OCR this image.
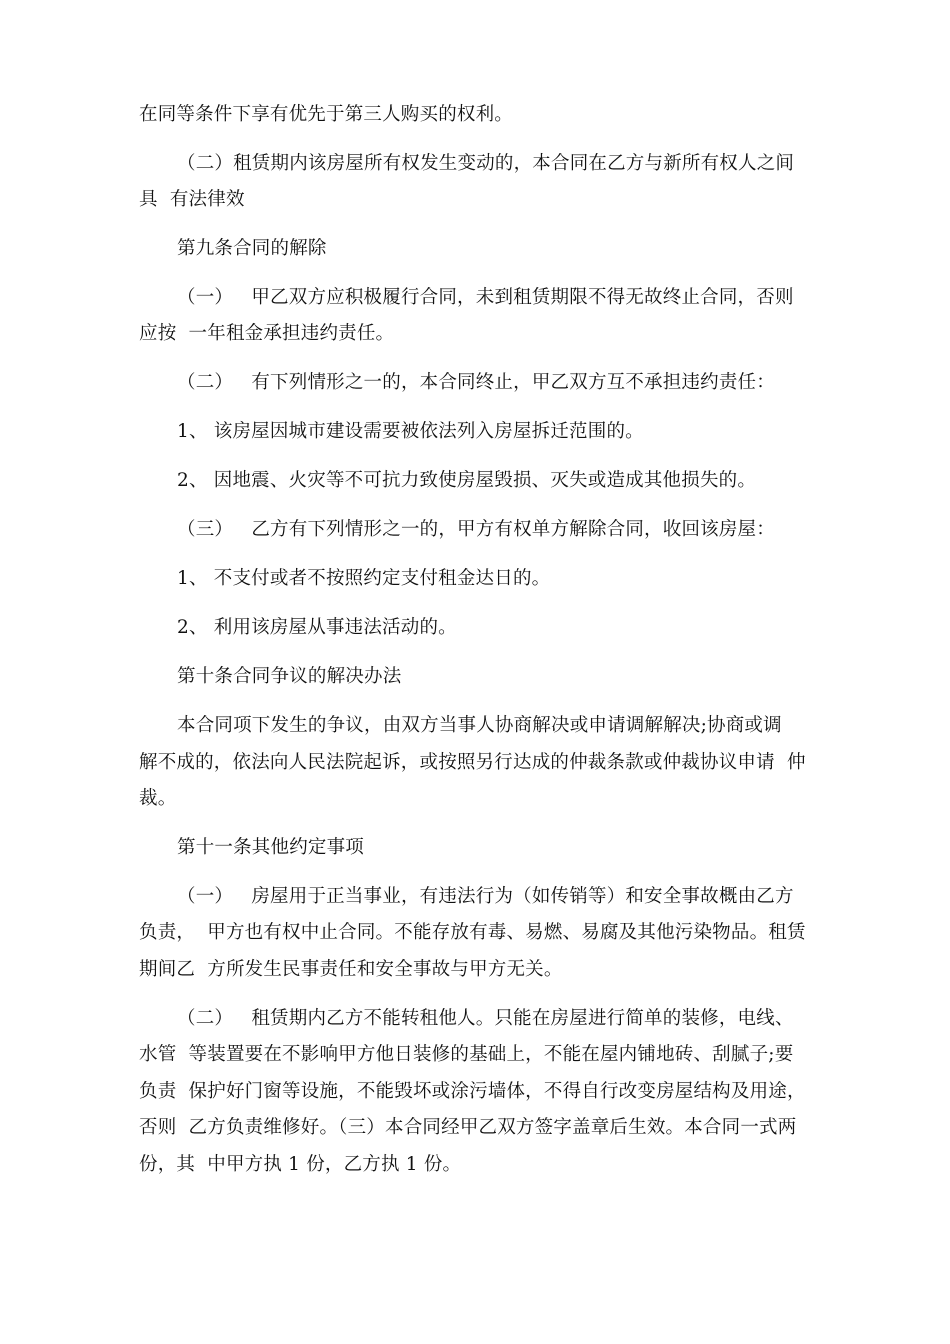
在同等条件下享有优先于第三人购买的权利。
（二）租赁期内该房屋所有权发生变动的，本合同在乙方与新所有权人之间
具  有法律效
第九条合同的解除
（一）   甲乙双方应积极履行合同，未到租赁期限不得无故终止合同，否则
应按  一年租金承担违约责任。
（二）   有下列情形之一的，本合同终止，甲乙双方互不承担违约责任：
1、 该房屋因城市建设需要被依法列入房屋拆迁范围的。
2、 因地震、火灾等不可抗力致使房屋毁损、灭失或造成其他损失的。
（三）   乙方有下列情形之一的，甲方有权单方解除合同，收回该房屋：
1、 不支付或者不按照约定支付租金达日的。
2、 利用该房屋从事违法活动的。
第十条合同争议的解决办法
本合同项下发生的争议，由双方当事人协商解决或申请调解解决;协商或调
解不成的，依法向人民法院起诉，或按照另行达成的仲裁条款或仲裁协议申请  仲
裁。
第十一条其他约定事项
（一）   房屋用于正当事业，有违法行为（如传销等）和安全事故概由乙方
负责，  甲方也有权中止合同。不能存放有毒、易燃、易腐及其他污染物品。租赁
期间乙  方所发生民事责任和安全事故与甲方无关。
（二）   租赁期内乙方不能转租他人。只能在房屋进行简单的装修，电线、
水管  等装置要在不影响甲方他日装修的基础上，不能在屋内铺地砖、刮腻子;要
负责  保护好门窗等设施，不能毁坏或涂污墙体，不得自行改变房屋结构及用途，
否则  乙方负责维修好。（三）本合同经甲乙双方签字盖章后生效。本合同一式两
份，其  中甲方执 1 份，乙方执 1 份。
